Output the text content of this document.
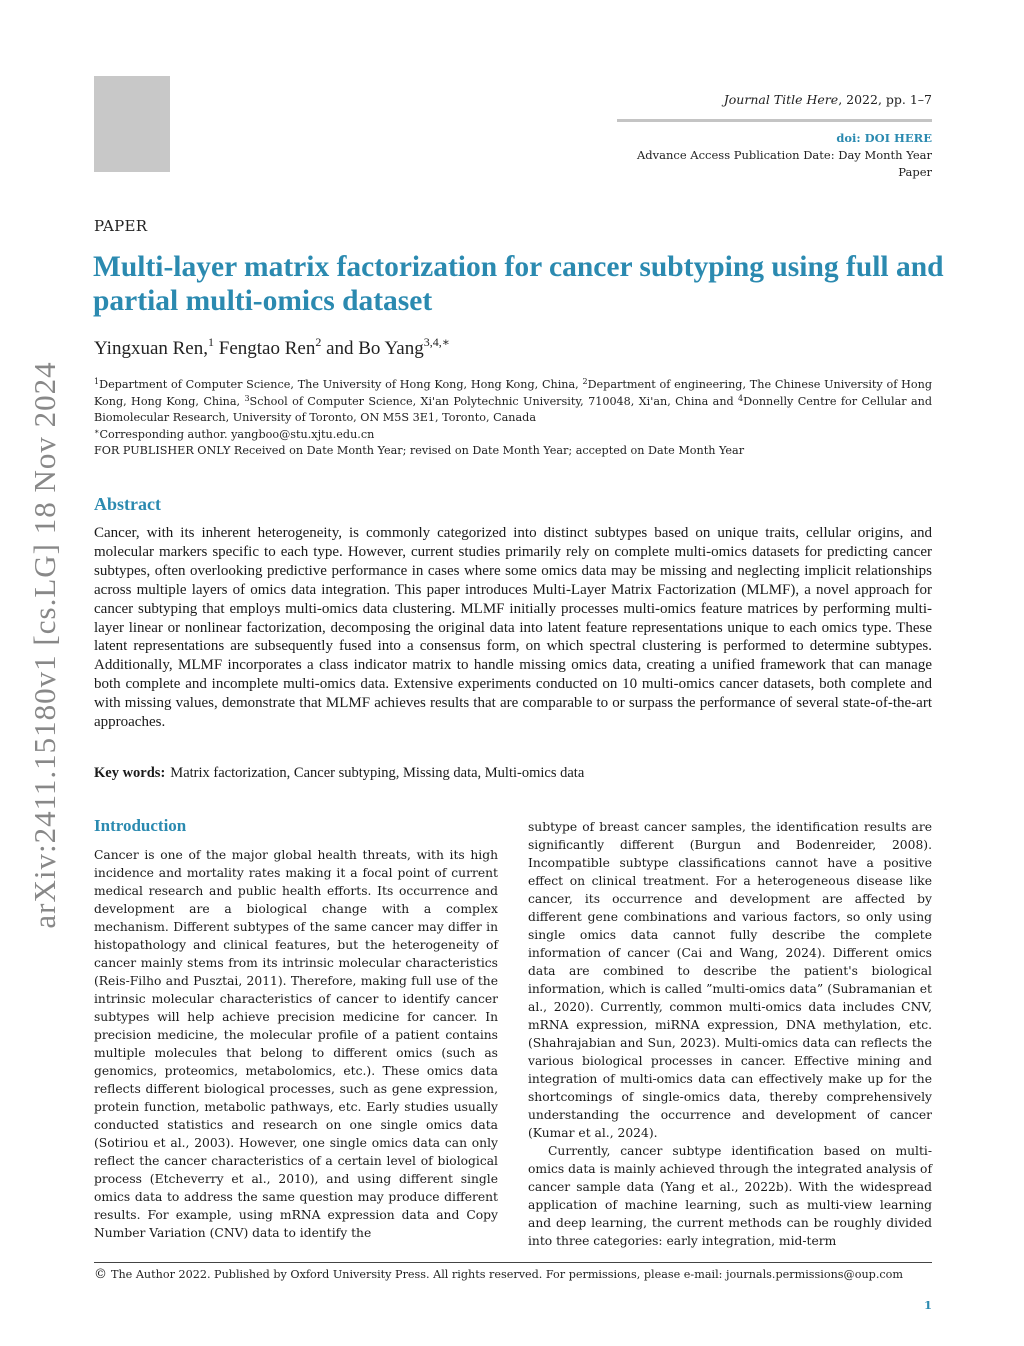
Journal Title Here, 2022, pp. 1–7
doi: DOI HERE
Advance Access Publication Date: Day Month Year
Paper
PAPER
Multi-layer matrix factorization for cancer subtyping using full and partial multi-omics dataset
Yingxuan Ren,$^1$ Fengtao Ren$^2$ and Bo Yang$^{3,4,∗}$
$^1$Department of Computer Science, The University of Hong Kong, Hong Kong, China, $^2$Department of engineering, The Chinese University of Hong Kong, Hong Kong, China, $^3$School of Computer Science, Xi'an Polytechnic University, 710048, Xi'an, China and $^4$Donnelly Centre for Cellular and Biomolecular Research, University of Toronto, ON M5S 3E1, Toronto, Canada
∗Corresponding author. yangboo@stu.xjtu.edu.cn
FOR PUBLISHER ONLY Received on Date Month Year; revised on Date Month Year; accepted on Date Month Year
Abstract

Cancer, with its inherent heterogeneity, is commonly categorized into distinct subtypes based on unique traits, cellular origins, and molecular markers specific to each type. However, current studies primarily rely on complete multi-omics datasets for predicting cancer subtypes, often overlooking predictive performance in cases where some omics data may be missing and neglecting implicit relationships across multiple layers of omics data integration. This paper introduces Multi-Layer Matrix Factorization (MLMF), a novel approach for cancer subtyping that employs multi-omics data clustering. MLMF initially processes multi-omics feature matrices by performing multi-layer linear or nonlinear factorization, decomposing the original data into latent feature representations unique to each omics type. These latent representations are subsequently fused into a consensus form, on which spectral clustering is performed to determine subtypes. Additionally, MLMF incorporates a class indicator matrix to handle missing omics data, creating a unified framework that can manage both complete and incomplete multi-omics data. Extensive experiments conducted on 10 multi-omics cancer datasets, both complete and with missing values, demonstrate that MLMF achieves results that are comparable to or surpass the performance of several state-of-the-art approaches.

Key words: Matrix factorization, Cancer subtyping, Missing data, Multi-omics data
Introduction

Cancer is one of the major global health threats, with its high incidence and mortality rates making it a focal point of current medical research and public health efforts. Its occurrence and development are a biological change with a complex mechanism. Different subtypes of the same cancer may differ in histopathology and clinical features, but the heterogeneity of cancer mainly stems from its intrinsic molecular characteristics (Reis-Filho and Pusztai, 2011). Therefore, making full use of the intrinsic molecular characteristics of cancer to identify cancer subtypes will help achieve precision medicine for cancer. In precision medicine, the molecular profile of a patient contains multiple molecules that belong to different omics (such as genomics, proteomics, metabolomics, etc.). These omics data reflects different biological processes, such as gene expression, protein function, metabolic pathways, etc. Early studies usually conducted statistics and research on one single omics data (Sotiriou et al., 2003). However, one single omics data can only reflect the cancer characteristics of a certain level of biological process (Etcheverry et al., 2010), and using different single omics data to address the same question may produce different results. For example, using mRNA expression data and Copy Number Variation (CNV) data to identify the

subtype of breast cancer samples, the identification results are significantly different (Burgun and Bodenreider, 2008). Incompatible subtype classifications cannot have a positive effect on clinical treatment. For a heterogeneous disease like cancer, its occurrence and development are affected by different gene combinations and various factors, so only using single omics data cannot fully describe the complete information of cancer (Cai and Wang, 2024). Different omics data are combined to describe the patient's biological information, which is called ”multi-omics data” (Subramanian et al., 2020). Currently, common multi-omics data includes CNV, mRNA expression, miRNA expression, DNA methylation, etc. (Shahrajabian and Sun, 2023). Multi-omics data can reflects the various biological processes in cancer. Effective mining and integration of multi-omics data can effectively make up for the shortcomings of single-omics data, thereby comprehensively understanding the occurrence and development of cancer (Kumar et al., 2024).

Currently, cancer subtype identification based on multi-omics data is mainly achieved through the integrated analysis of cancer sample data (Yang et al., 2022b). With the widespread application of machine learning, such as multi-view learning and deep learning, the current methods can be roughly divided into three categories: early integration, mid-term

© The Author 2022. Published by Oxford University Press. All rights reserved. For permissions, please e-mail: journals.permissions@oup.com
1
arXiv:2411.15180v1 [cs.LG] 18 Nov 2024
